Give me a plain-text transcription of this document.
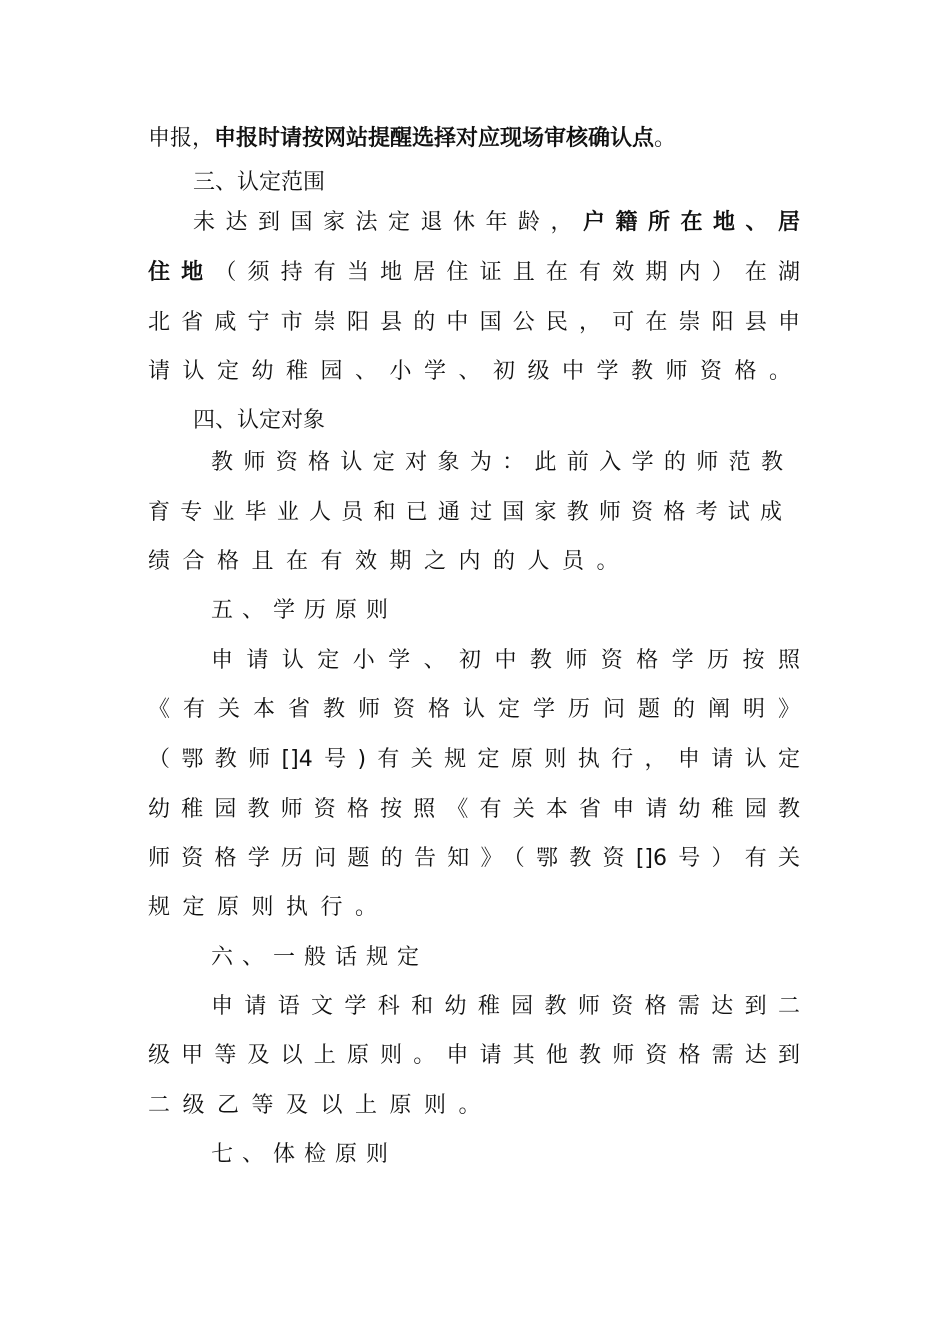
申报，申报时请按网站提醒选择对应现场审核确认点。

三、认定范围

未达到国家法定退休年龄，户籍所在地、居

住地（须持有当地居住证且在有效期内）在湖

北省咸宁市崇阳县的中国公民，可在崇阳县申

请认定幼稚园、小学、初级中学教师资格。

四、认定对象

教师资格认定对象为：此前入学的师范教

育专业毕业人员和已通过国家教师资格考试成

绩合格且在有效期之内的人员。

五、学历原则

申请认定小学、初中教师资格学历按照

《有关本省教师资格认定学历问题的阐明》

（鄂教师[]4号)有关规定原则执行，申请认定

幼稚园教师资格按照《有关本省申请幼稚园教

师资格学历问题的告知》（鄂教资[]6号）有关

规定原则执行。

六、一般话规定

申请语文学科和幼稚园教师资格需达到二

级甲等及以上原则。申请其他教师资格需达到

二级乙等及以上原则。

七、体检原则
